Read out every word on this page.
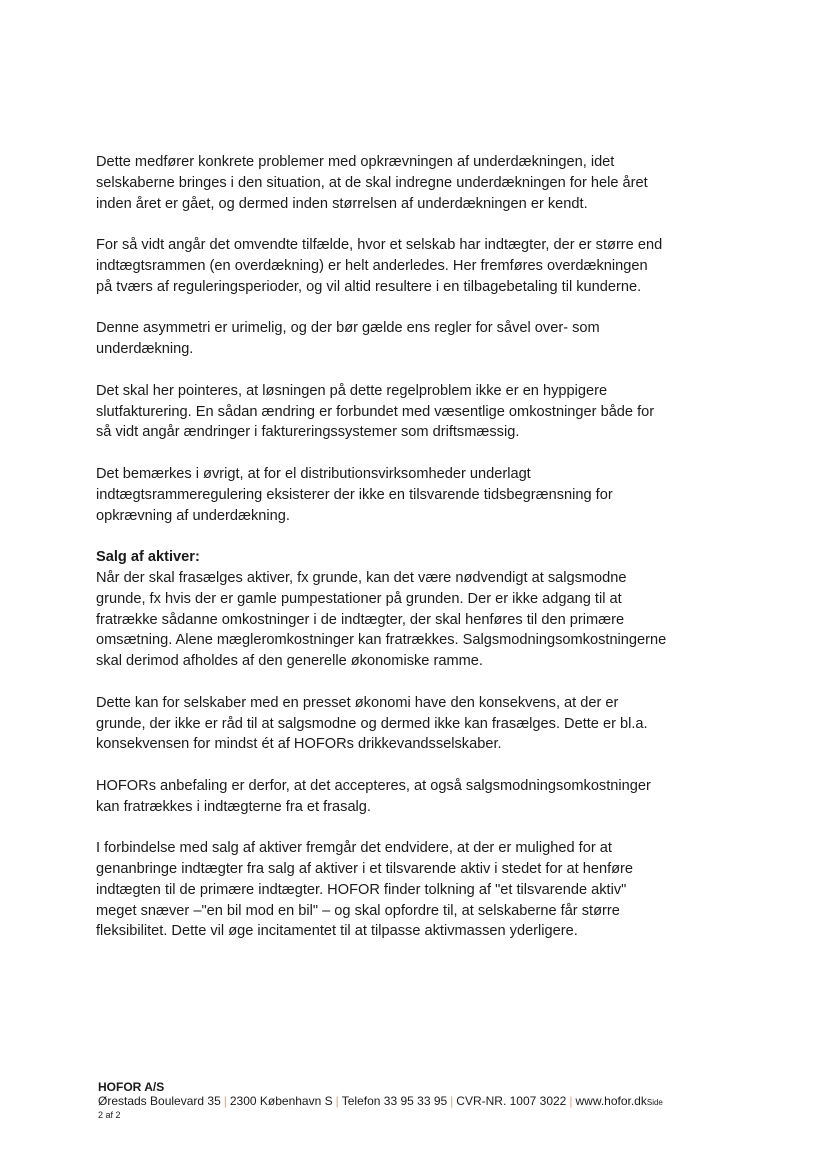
Dette medfører konkrete problemer med opkrævningen af underdækningen, idet
selskaberne bringes i den situation, at de skal indregne underdækningen for hele året
inden året er gået, og dermed inden størrelsen af underdækningen er kendt.

For så vidt angår det omvendte tilfælde, hvor et selskab har indtægter, der er større end
indtægtsrammen (en overdækning) er helt anderledes. Her fremføres overdækningen
på tværs af reguleringsperioder, og vil altid resultere i en tilbagebetaling til kunderne.

Denne asymmetri er urimelig, og der bør gælde ens regler for såvel over- som
underdækning.

Det skal her pointeres, at løsningen på dette regelproblem ikke er en hyppigere
slutfakturering. En sådan ændring er forbundet med væsentlige omkostninger både for
så vidt angår ændringer i faktureringssystemer som driftsmæssig.

Det bemærkes i øvrigt, at for el distributionsvirksomheder underlagt
indtægtsrammeregulering eksisterer der ikke en tilsvarende tidsbegrænsning for
opkrævning af underdækning.

Salg af aktiver:

Når der skal frasælges aktiver, fx grunde, kan det være nødvendigt at salgsmodne
grunde, fx hvis der er gamle pumpestationer på grunden. Der er ikke adgang til at
fratrække sådanne omkostninger i de indtægter, der skal henføres til den primære
omsætning. Alene mægleromkostninger kan fratrækkes. Salgsmodningsomkostningerne
skal derimod afholdes af den generelle økonomiske ramme.

Dette kan for selskaber med en presset økonomi have den konsekvens, at der er
grunde, der ikke er råd til at salgsmodne og dermed ikke kan frasælges. Dette er bl.a.
konsekvensen for mindst ét af HOFORs drikkevandsselskaber.

HOFORs anbefaling er derfor, at det accepteres, at også salgsmodningsomkostninger
kan fratrækkes i indtægterne fra et frasalg.

I forbindelse med salg af aktiver fremgår det endvidere, at der er mulighed for at
genanbringe indtægter fra salg af aktiver i et tilsvarende aktiv i stedet for at henføre
indtægten til de primære indtægter. HOFOR finder tolkning af "et tilsvarende aktiv"
meget snæver –"en bil mod en bil" – og skal opfordre til, at selskaberne får større
fleksibilitet. Dette vil øge incitamentet til at tilpasse aktivmassen yderligere.

HOFOR A/S
Ørestads Boulevard 35 | 2300 København S | Telefon 33 95 33 95 | CVR-NR. 1007 3022 | www.hofor.dkSide
2 af 2
